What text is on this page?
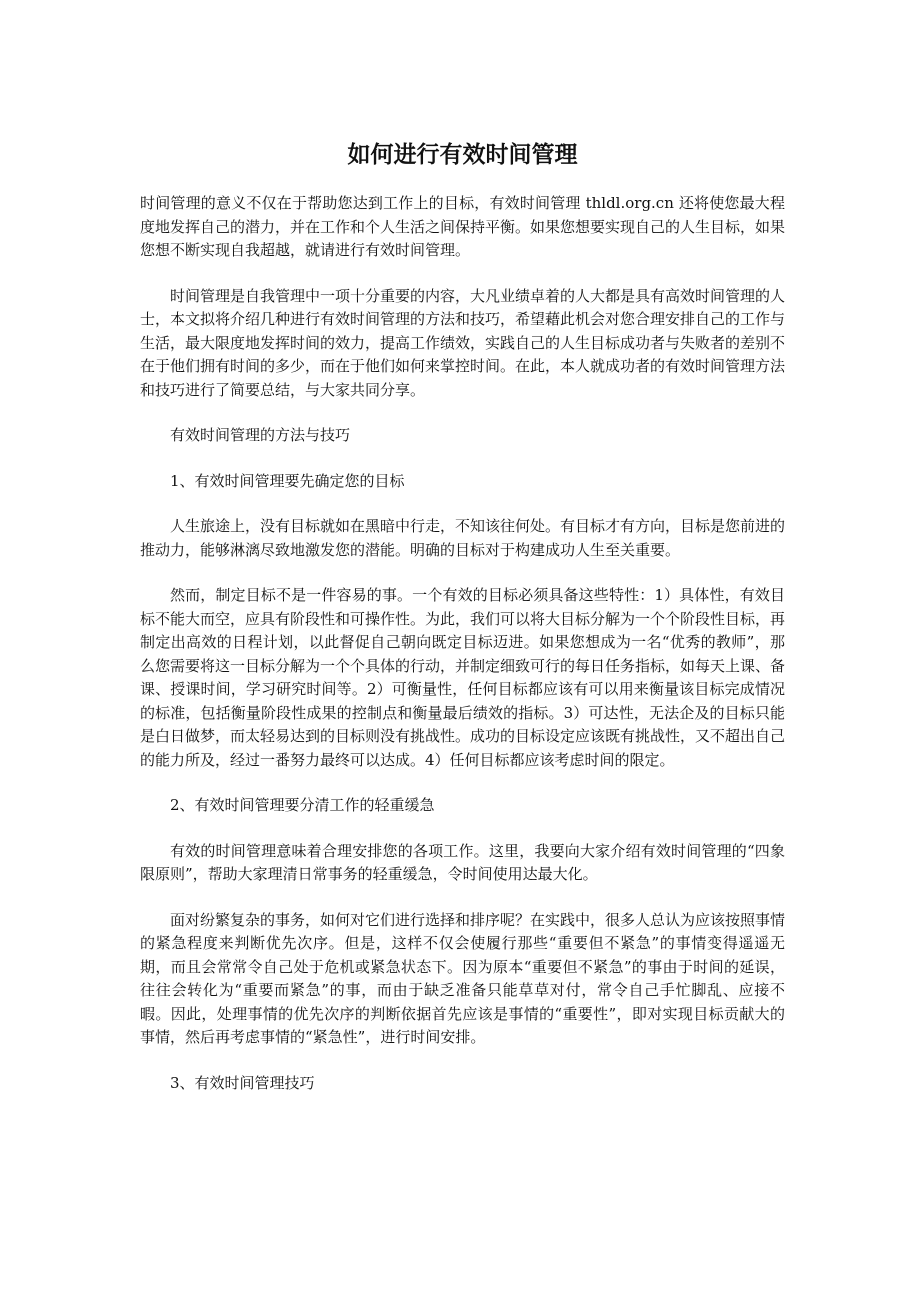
如何进行有效时间管理

时间管理的意义不仅在于帮助您达到工作上的目标，有效时间管理 thldl.org.cn 还将使您最大程度地发挥自己的潜力，并在工作和个人生活之间保持平衡。如果您想要实现自己的人生目标，如果您想不断实现自我超越，就请进行有效时间管理。

时间管理是自我管理中一项十分重要的内容，大凡业绩卓着的人大都是具有高效时间管理的人士，本文拟将介绍几种进行有效时间管理的方法和技巧，希望藉此机会对您合理安排自己的工作与生活，最大限度地发挥时间的效力，提高工作绩效，实践自己的人生目标成功者与失败者的差别不在于他们拥有时间的多少，而在于他们如何来掌控时间。在此，本人就成功者的有效时间管理方法和技巧进行了简要总结，与大家共同分享。

有效时间管理的方法与技巧

1、有效时间管理要先确定您的目标

人生旅途上，没有目标就如在黑暗中行走，不知该往何处。有目标才有方向，目标是您前进的推动力，能够淋漓尽致地激发您的潜能。明确的目标对于构建成功人生至关重要。

然而，制定目标不是一件容易的事。一个有效的目标必须具备这些特性：1）具体性，有效目标不能大而空，应具有阶段性和可操作性。为此，我们可以将大目标分解为一个个阶段性目标，再制定出高效的日程计划，以此督促自己朝向既定目标迈进。如果您想成为一名“优秀的教师”，那么您需要将这一目标分解为一个个具体的行动，并制定细致可行的每日任务指标，如每天上课、备课、授课时间，学习研究时间等。2）可衡量性，任何目标都应该有可以用来衡量该目标完成情况的标准，包括衡量阶段性成果的控制点和衡量最后绩效的指标。3）可达性，无法企及的目标只能是白日做梦，而太轻易达到的目标则没有挑战性。成功的目标设定应该既有挑战性，又不超出自己的能力所及，经过一番努力最终可以达成。4）任何目标都应该考虑时间的限定。

2、有效时间管理要分清工作的轻重缓急

有效的时间管理意味着合理安排您的各项工作。这里，我要向大家介绍有效时间管理的“四象限原则”，帮助大家理清日常事务的轻重缓急，令时间使用达最大化。

面对纷繁复杂的事务，如何对它们进行选择和排序呢？在实践中，很多人总认为应该按照事情的紧急程度来判断优先次序。但是，这样不仅会使履行那些“重要但不紧急”的事情变得遥遥无期，而且会常常令自己处于危机或紧急状态下。因为原本“重要但不紧急”的事由于时间的延误，往往会转化为“重要而紧急”的事，而由于缺乏准备只能草草对付，常令自己手忙脚乱、应接不暇。因此，处理事情的优先次序的判断依据首先应该是事情的“重要性”，即对实现目标贡献大的事情，然后再考虑事情的“紧急性”，进行时间安排。

3、有效时间管理技巧
